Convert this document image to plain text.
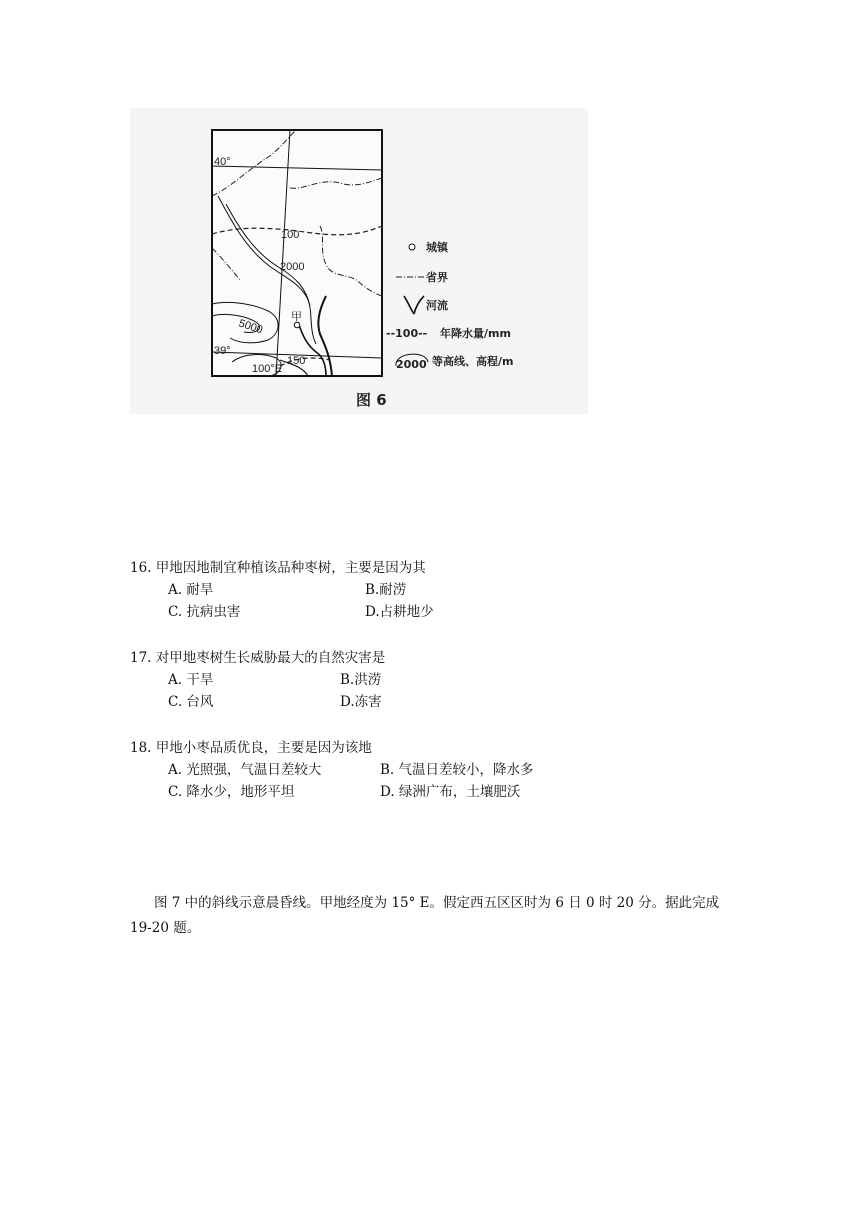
甲
40°
39°
100°E
100
2000
5000
150
城镇
省界
河流
--100-- 年降水量/mm
2000 等高线、高程/m
图 6
16. 甲地因地制宜种植该品种枣树，主要是因为其
A. 耐旱	B.耐涝
C. 抗病虫害	D.占耕地少
17. 对甲地枣树生长威胁最大的自然灾害是
A. 干旱	B.洪涝
C. 台风	D.冻害
18. 甲地小枣品质优良，主要是因为该地
A. 光照强，气温日差较大	B. 气温日差较小，降水多
C. 降水少，地形平坦	D. 绿洲广布，土壤肥沃
图 7 中的斜线示意晨昏线。甲地经度为 15° E。假定西五区区时为 6 日 0 时 20 分。据此完成 19-20 题。
